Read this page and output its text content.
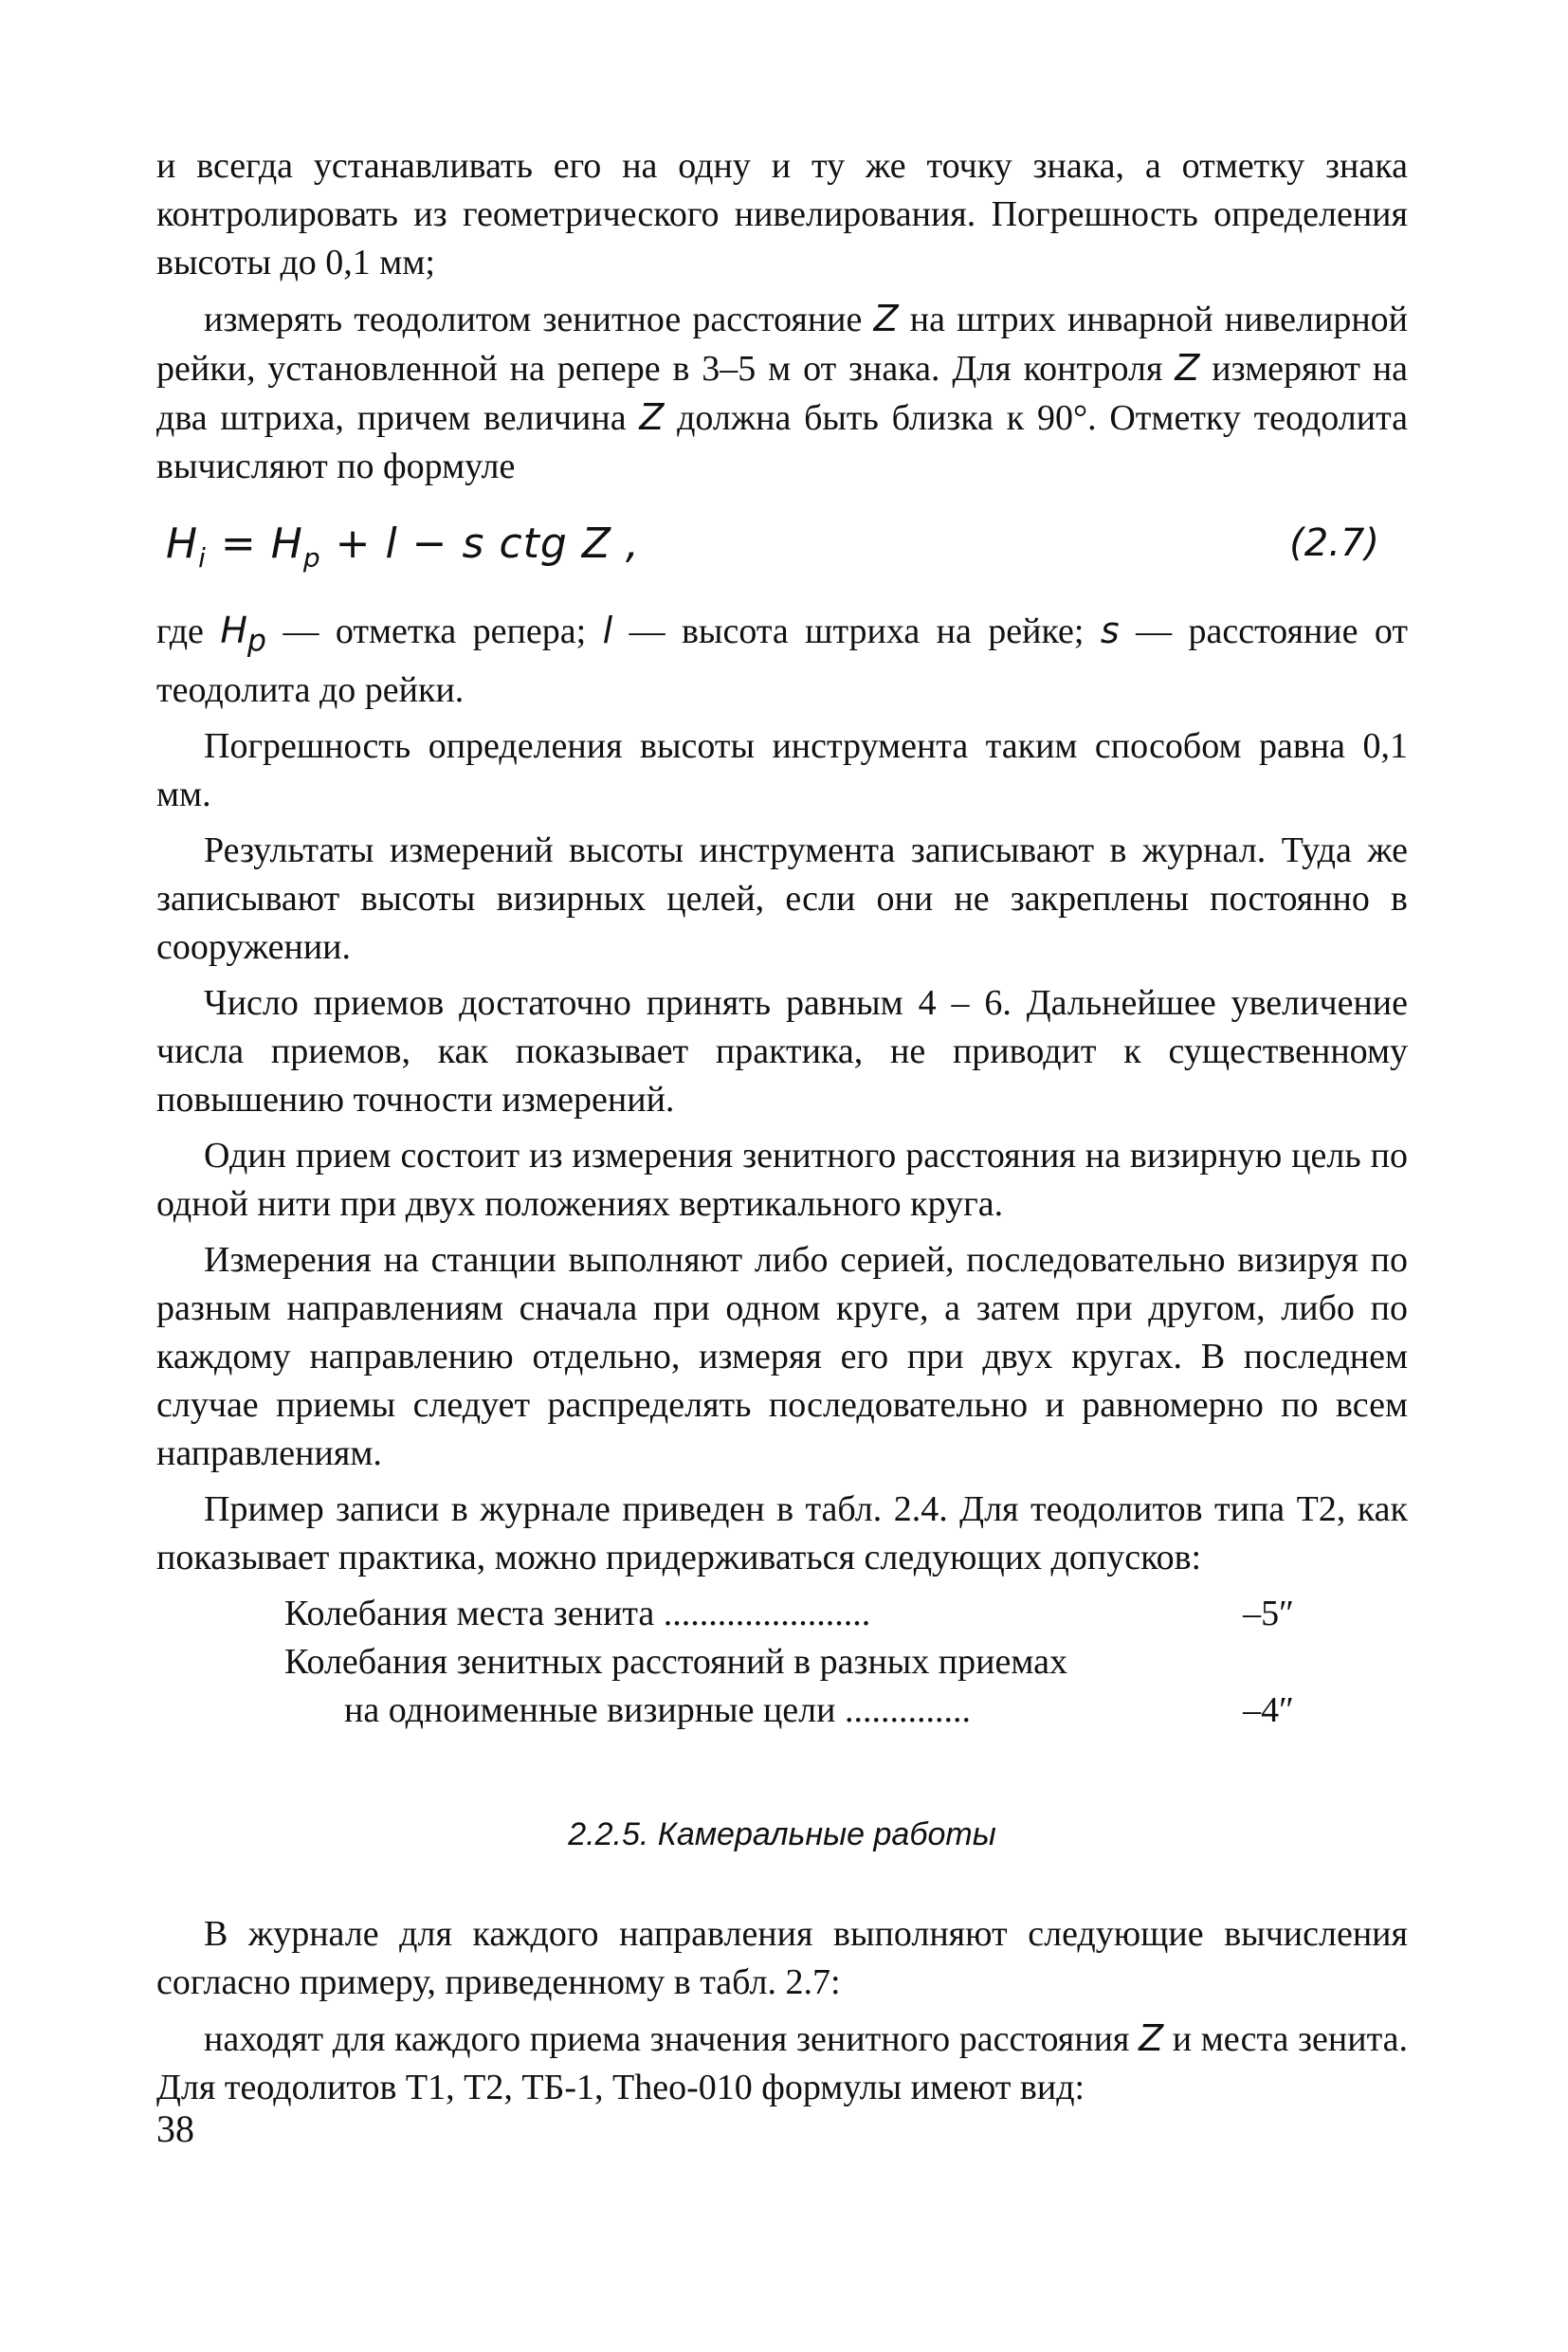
и всегда устанавливать его на одну и ту же точку знака, а отметку знака контролировать из геометрического нивелирования. Погрешность определения высоты до 0,1 мм;

измерять теодолитом зенитное расстояние Z на штрих инварной нивелирной рейки, установленной на репере в 3–5 м от знака. Для контроля Z измеряют на два штриха, причем величина Z должна быть близка к 90°. Отметку теодолита вычисляют по формуле

$H_i = H_p + l - s$ ctg Z ,	(2.7)

где $H_p$ — отметка репера; l — высота штриха на рейке; s — расстояние от теодолита до рейки.

Погрешность определения высоты инструмента таким способом равна 0,1 мм.

Результаты измерений высоты инструмента записывают в журнал. Туда же записывают высоты визирных целей, если они не закреплены постоянно в сооружении.

Число приемов достаточно принять равным 4 – 6. Дальнейшее увеличение числа приемов, как показывает практика, не приводит к существенному повышению точности измерений.

Один прием состоит из измерения зенитного расстояния на визирную цель по одной нити при двух положениях вертикального круга.

Измерения на станции выполняют либо серией, последовательно визируя по разным направлениям сначала при одном круге, а затем при другом, либо по каждому направлению отдельно, измеряя его при двух кругах. В последнем случае приемы следует распределять последовательно и равномерно по всем направлениям.

Пример записи в журнале приведен в табл. 2.4. Для теодолитов типа Т2, как показывает практика, можно придерживаться следующих допусков:

Колебания места зенита .......................	–5″
Колебания зенитных расстояний в разных приемах
на одноименные визирные цели ..............	–4″
2.2.5. Камеральные работы

В журнале для каждого направления выполняют следующие вычисления согласно примеру, приведенному в табл. 2.7:

находят для каждого приема значения зенитного расстояния Z и места зенита. Для теодолитов Т1, Т2, ТБ-1, Theo-010 формулы имеют вид:

38
